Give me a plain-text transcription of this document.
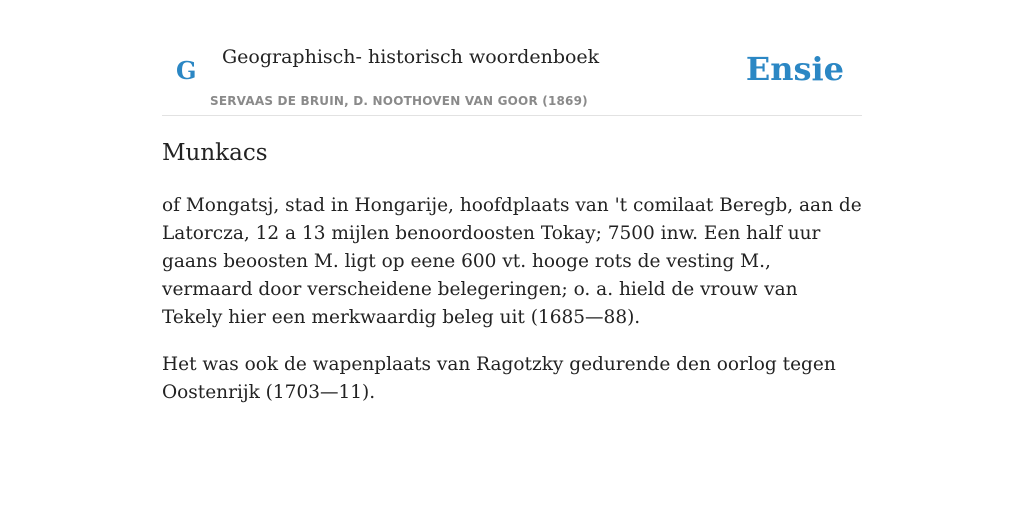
G Geographisch- historisch woordenboek
SERVAAS DE BRUIN, D. NOOTHOVEN VAN GOOR (1869)
Ensie
Munkacs

of Mongatsj, stad in Hongarije, hoofdplaats van 't comilaat Beregb, aan de Latorcza, 12 a 13 mijlen benoordoosten Tokay; 7500 inw. Een half uur gaans beoosten M. ligt op eene 600 vt. hooge rots de vesting M., vermaard door verscheidene belegeringen; o. a. hield de vrouw van Tekely hier een merkwaardig beleg uit (1685—88).

Het was ook de wapenplaats van Ragotzky gedurende den oorlog tegen Oostenrijk (1703—11).
